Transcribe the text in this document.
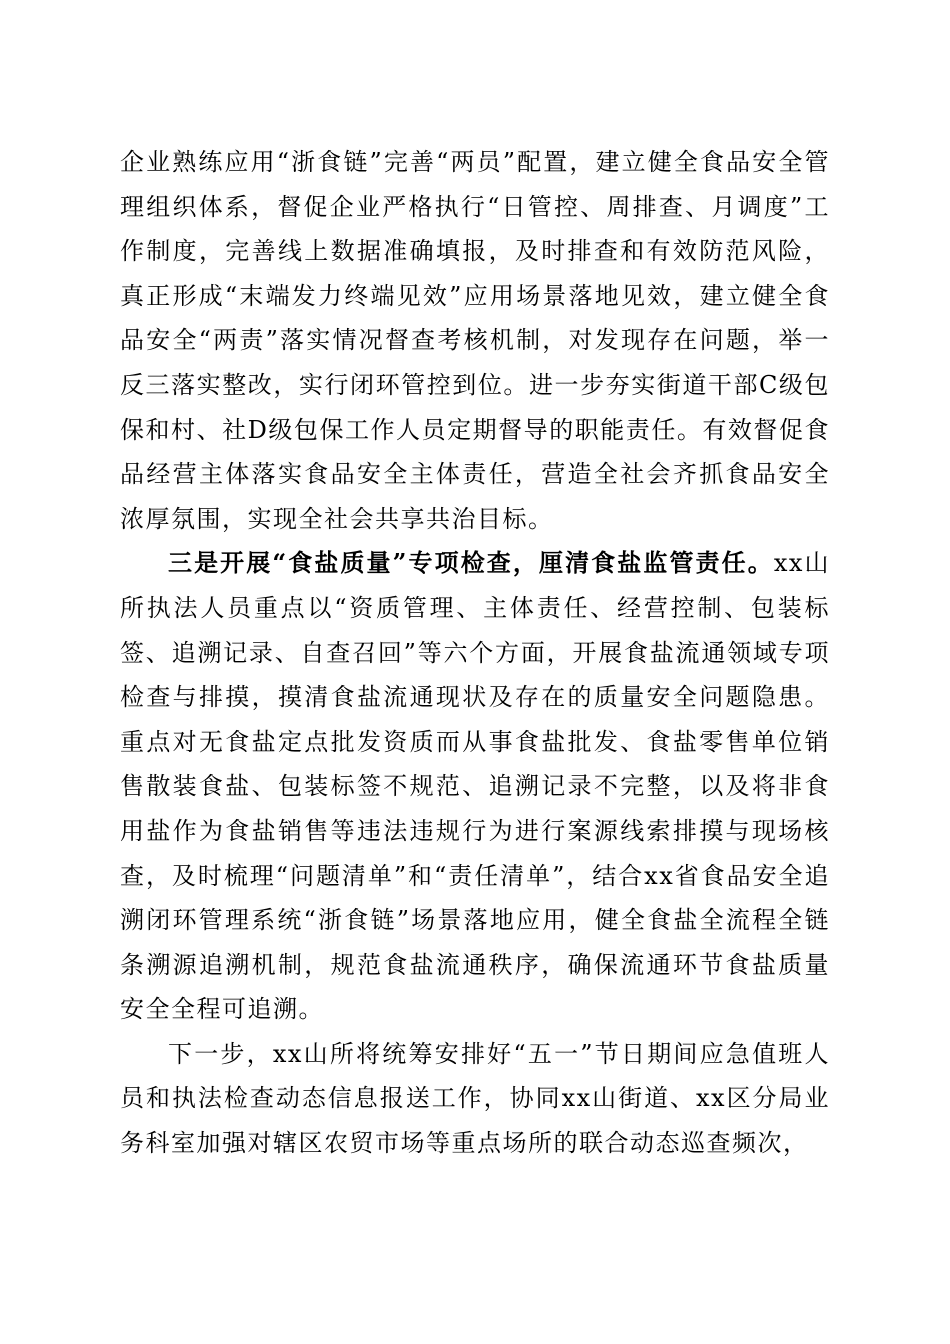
企业熟练应用“浙食链”完善“两员”配置，建立健全食品安全管理组织体系，督促企业严格执行“日管控、周排查、月调度”工作制度，完善线上数据准确填报，及时排查和有效防范风险，真正形成“末端发力终端见效”应用场景落地见效，建立健全食品安全“两责”落实情况督查考核机制，对发现存在问题，举一反三落实整改，实行闭环管控到位。进一步夯实街道干部C级包保和村、社D级包保工作人员定期督导的职能责任。有效督促食品经营主体落实食品安全主体责任，营造全社会齐抓食品安全浓厚氛围，实现全社会共享共治目标。

三是开展“食盐质量”专项检查，厘清食盐监管责任。xx山所执法人员重点以“资质管理、主体责任、经营控制、包装标签、追溯记录、自查召回”等六个方面，开展食盐流通领域专项检查与排摸，摸清食盐流通现状及存在的质量安全问题隐患。重点对无食盐定点批发资质而从事食盐批发、食盐零售单位销售散装食盐、包装标签不规范、追溯记录不完整，以及将非食用盐作为食盐销售等违法违规行为进行案源线索排摸与现场核查，及时梳理“问题清单”和“责任清单”，结合xx省食品安全追溯闭环管理系统“浙食链”场景落地应用，健全食盐全流程全链条溯源追溯机制，规范食盐流通秩序，确保流通环节食盐质量安全全程可追溯。

下一步，xx山所将统筹安排好“五一”节日期间应急值班人员和执法检查动态信息报送工作，协同xx山街道、xx区分局业务科室加强对辖区农贸市场等重点场所的联合动态巡查频次，
